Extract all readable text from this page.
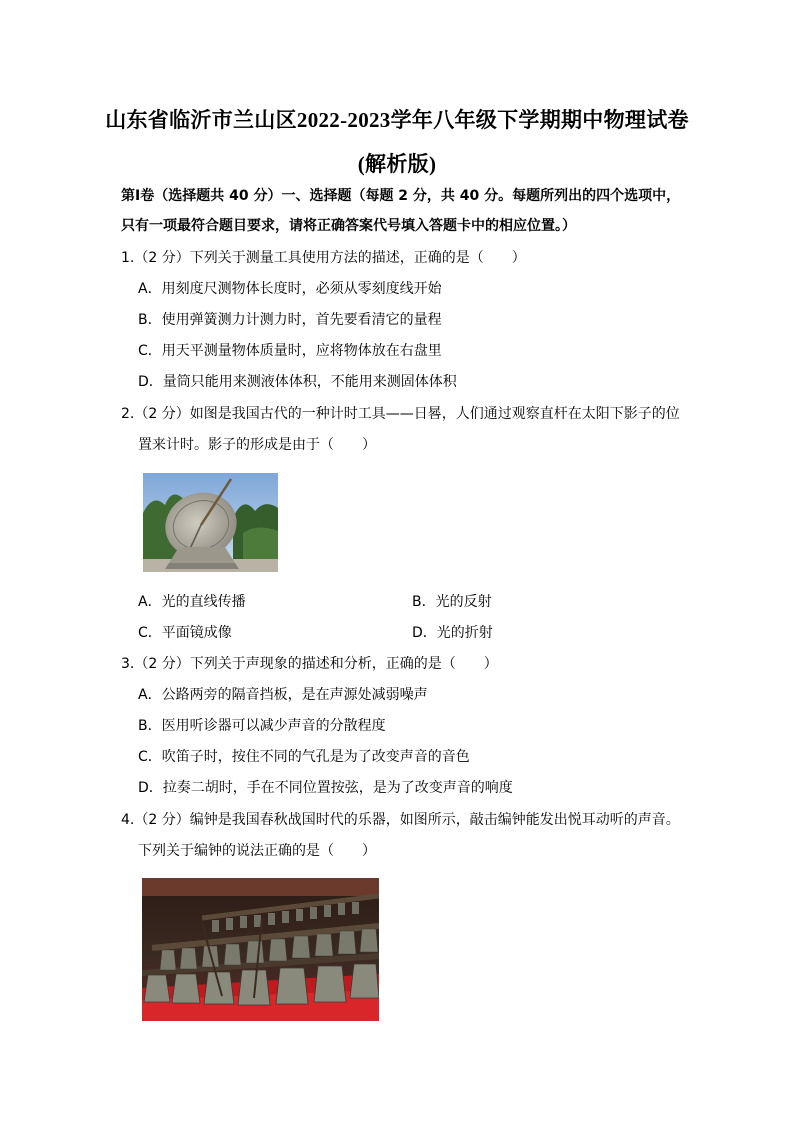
山东省临沂市兰山区2022-2023学年八年级下学期期中物理试卷
(解析版)
第Ⅰ卷（选择题共 40 分）一、选择题（每题 2 分，共 40 分。每题所列出的四个选项中，
只有一项最符合题目要求，请将正确答案代号填入答题卡中的相应位置。）
1.（2 分）下列关于测量工具使用方法的描述，正确的是（　　）
A．用刻度尺测物体长度时，必须从零刻度线开始
B．使用弹簧测力计测力时，首先要看清它的量程
C．用天平测量物体质量时，应将物体放在右盘里
D．量筒只能用来测液体体积，不能用来测固体体积
2.（2 分）如图是我国古代的一种计时工具——日晷，人们通过观察直杆在太阳下影子的位
置来计时。影子的形成是由于（　　）
A．光的直线传播	B．光的反射
C．平面镜成像	D．光的折射
3.（2 分）下列关于声现象的描述和分析，正确的是（　　）
A．公路两旁的隔音挡板，是在声源处减弱噪声
B．医用听诊器可以减少声音的分散程度
C．吹笛子时，按住不同的气孔是为了改变声音的音色
D．拉奏二胡时，手在不同位置按弦，是为了改变声音的响度
4.（2 分）编钟是我国春秋战国时代的乐器，如图所示，敲击编钟能发出悦耳动听的声音。
下列关于编钟的说法正确的是（　　）
